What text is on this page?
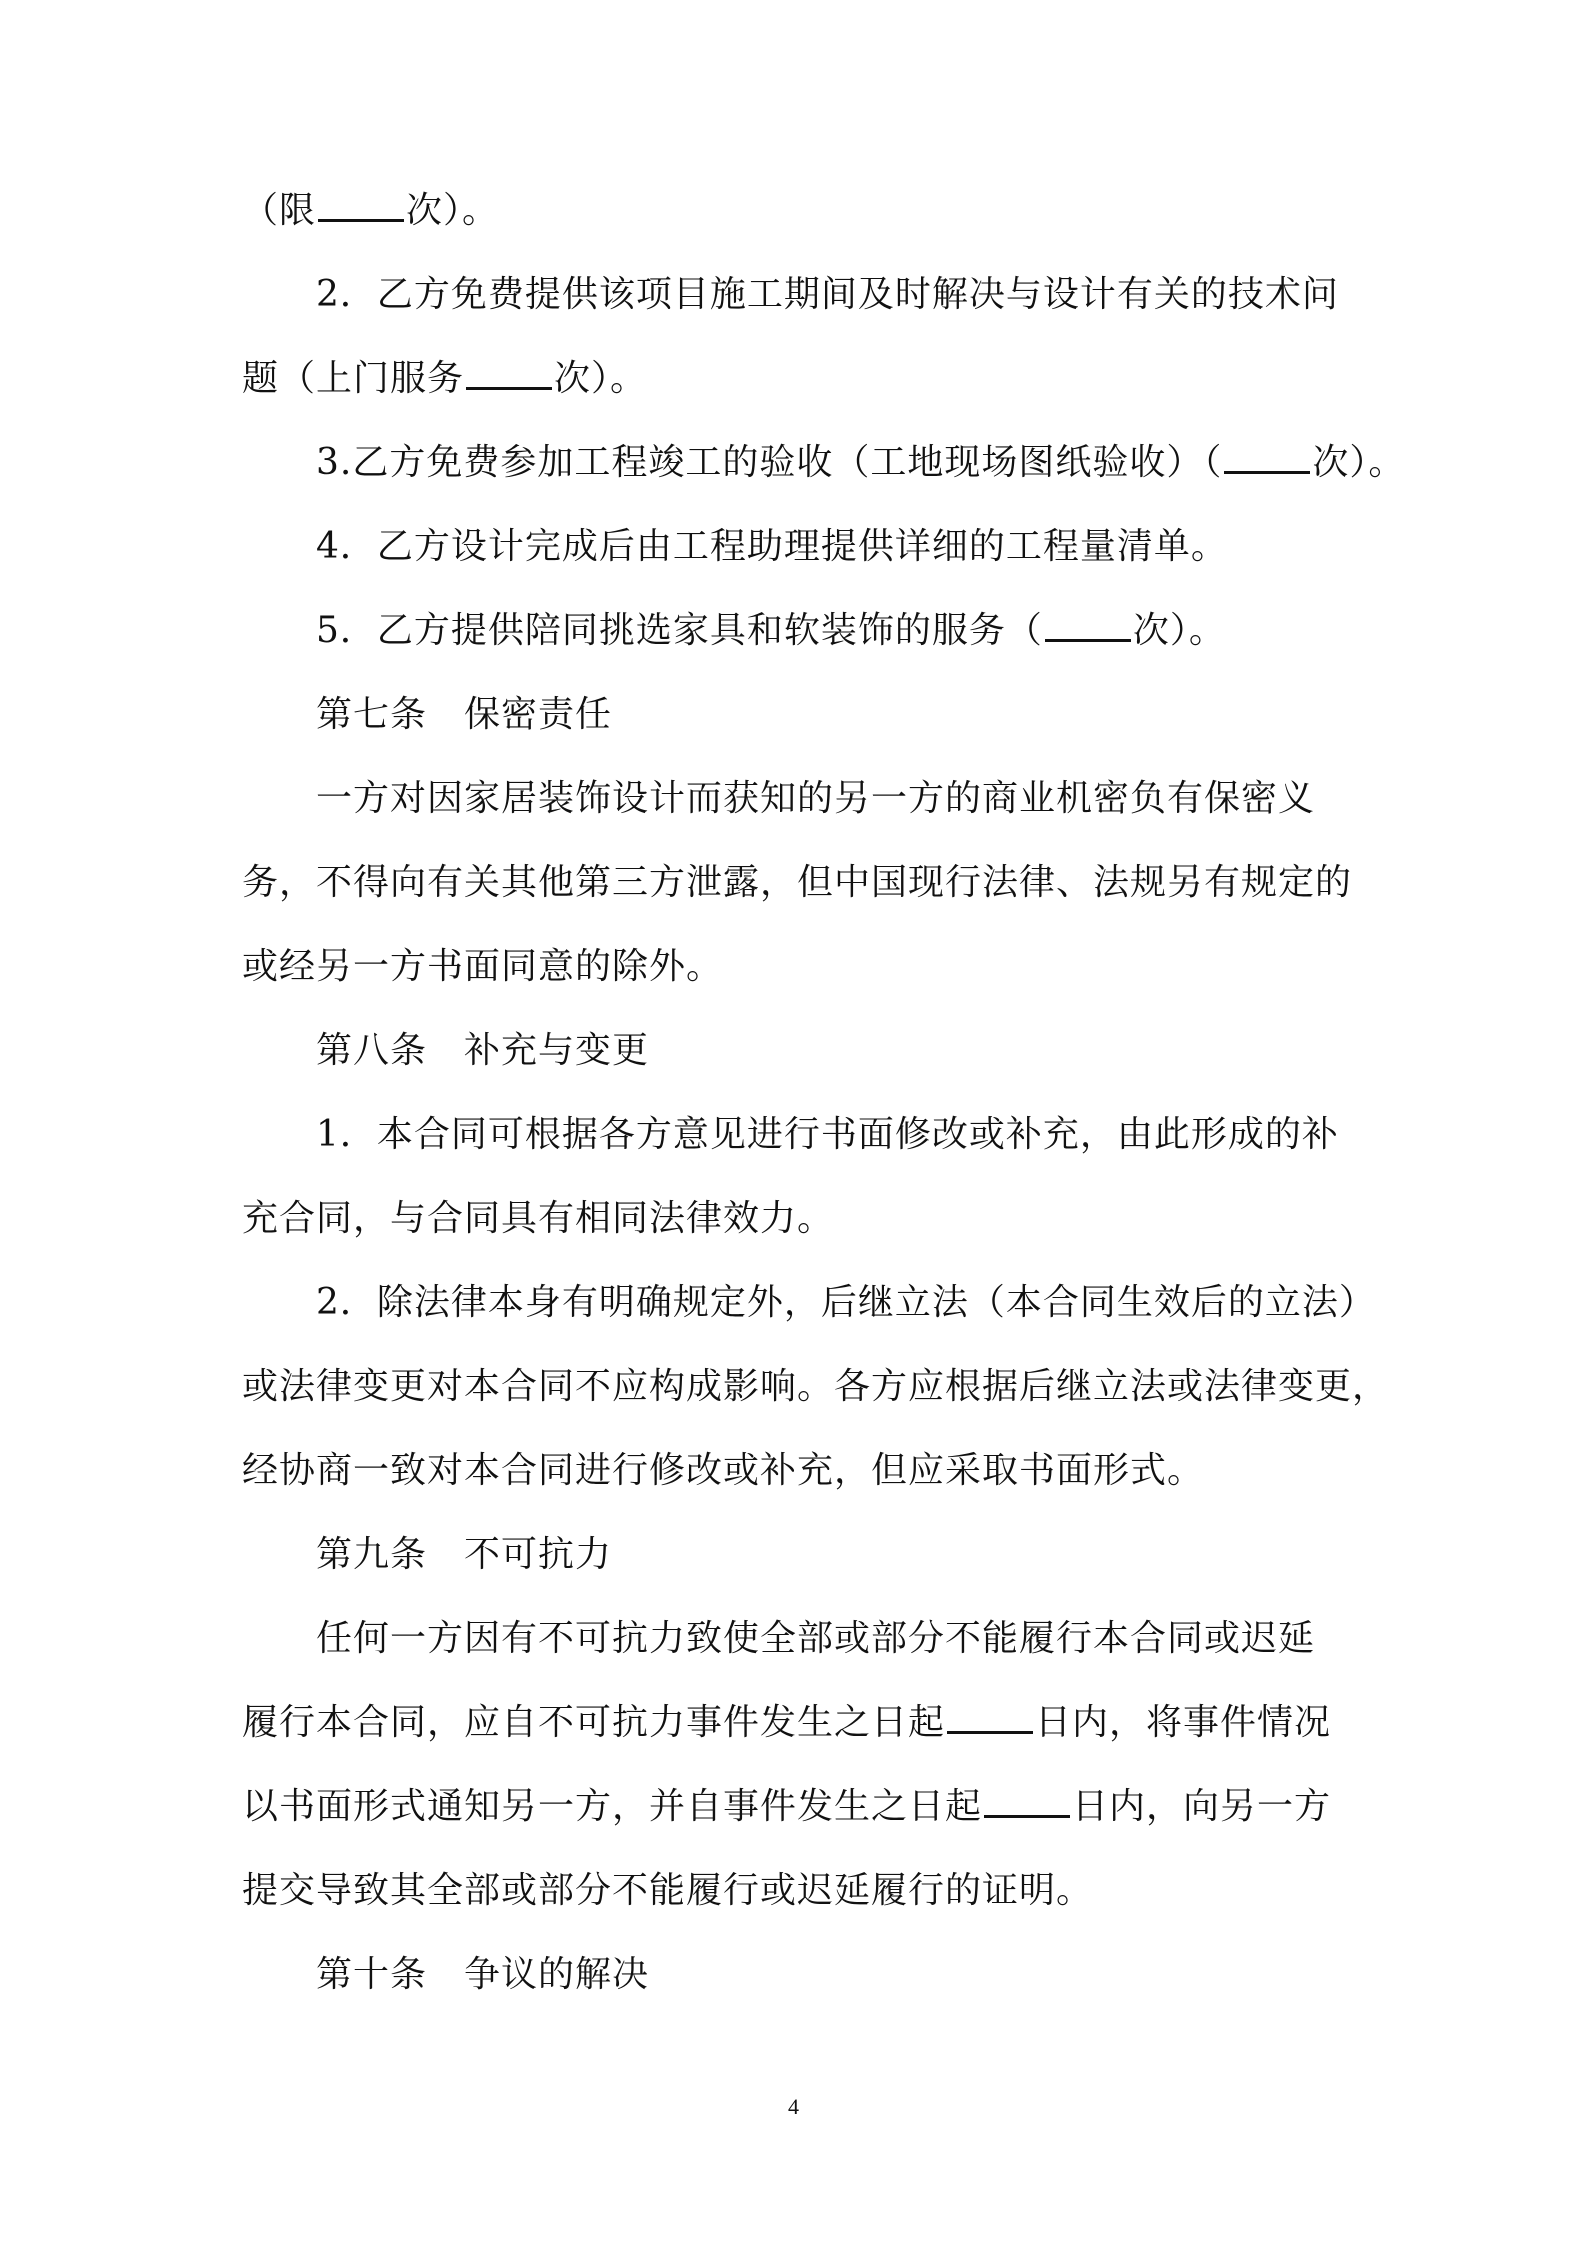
（限	次）。
2．乙方免费提供该项目施工期间及时解决与设计有关的技术问
题（上门服务	次）。
3.乙方免费参加工程竣工的验收（工地现场图纸验收）（	次）。
4．乙方设计完成后由工程助理提供详细的工程量清单。
5．乙方提供陪同挑选家具和软装饰的服务（	次）。
第七条　保密责任
一方对因家居装饰设计而获知的另一方的商业机密负有保密义
务，不得向有关其他第三方泄露，但中国现行法律、法规另有规定的
或经另一方书面同意的除外。
第八条　补充与变更
1．本合同可根据各方意见进行书面修改或补充，由此形成的补
充合同，与合同具有相同法律效力。
2．除法律本身有明确规定外，后继立法（本合同生效后的立法）
或法律变更对本合同不应构成影响。各方应根据后继立法或法律变更，
经协商一致对本合同进行修改或补充，但应采取书面形式。
第九条　不可抗力
任何一方因有不可抗力致使全部或部分不能履行本合同或迟延
履行本合同，应自不可抗力事件发生之日起	日内，将事件情况
以书面形式通知另一方，并自事件发生之日起	日内，向另一方
提交导致其全部或部分不能履行或迟延履行的证明。
第十条　争议的解决
4
